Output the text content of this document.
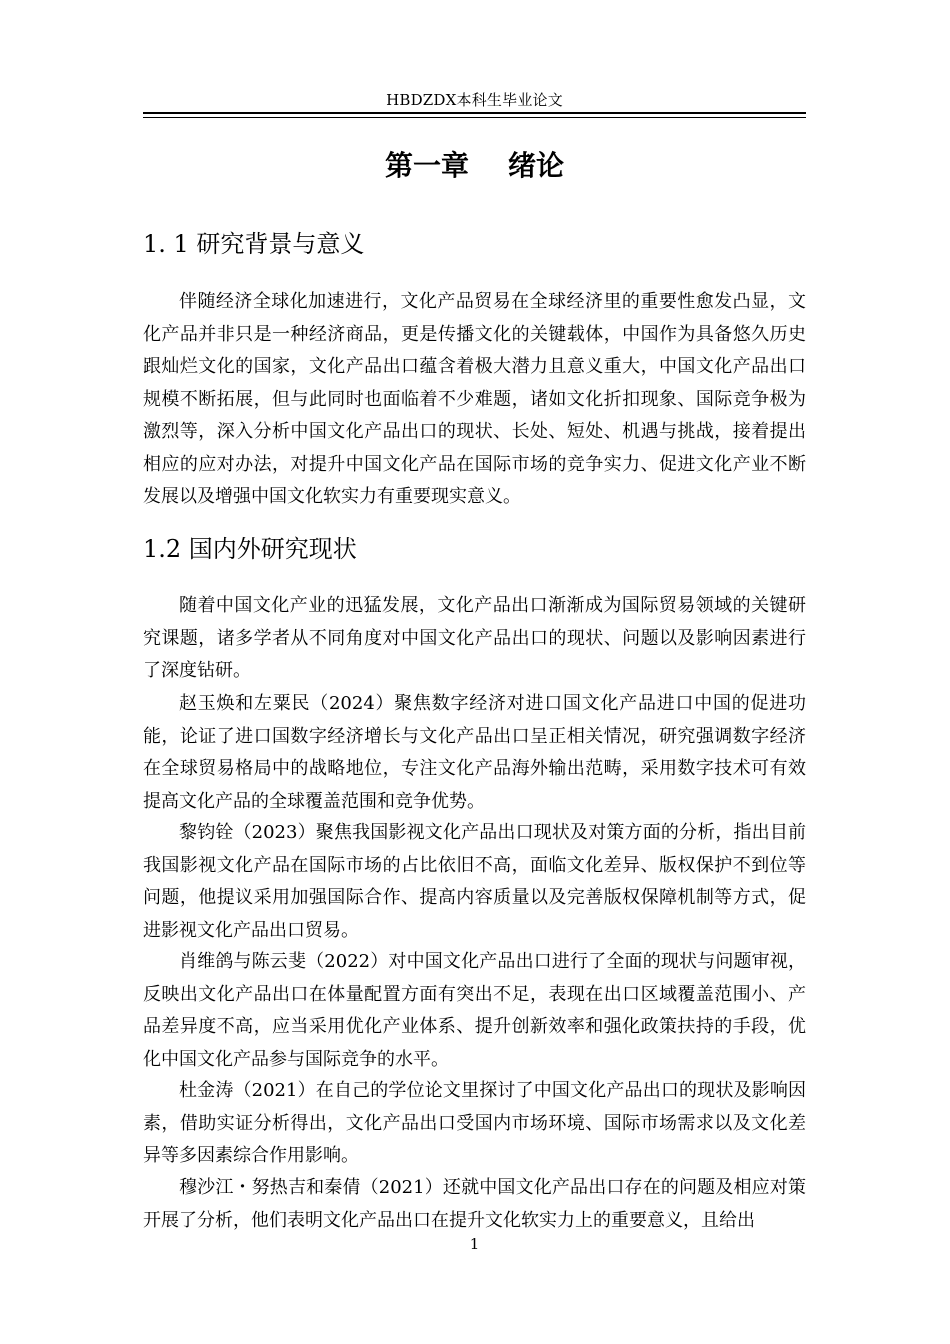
HBDZDX本科生毕业论文
第一章    绪论
1. 1 研究背景与意义

伴随经济全球化加速进行，文化产品贸易在全球经济里的重要性愈发凸显，文化产品并非只是一种经济商品，更是传播文化的关键载体，中国作为具备悠久历史跟灿烂文化的国家，文化产品出口蕴含着极大潜力且意义重大，中国文化产品出口规模不断拓展，但与此同时也面临着不少难题，诸如文化折扣现象、国际竞争极为激烈等，深入分析中国文化产品出口的现状、长处、短处、机遇与挑战，接着提出相应的应对办法，对提升中国文化产品在国际市场的竞争实力、促进文化产业不断发展以及增强中国文化软实力有重要现实意义。

1.2 国内外研究现状

随着中国文化产业的迅猛发展，文化产品出口渐渐成为国际贸易领域的关键研究课题，诸多学者从不同角度对中国文化产品出口的现状、问题以及影响因素进行了深度钻研。

赵玉焕和左粟民（2024）聚焦数字经济对进口国文化产品进口中国的促进功能，论证了进口国数字经济增长与文化产品出口呈正相关情况，研究强调数字经济在全球贸易格局中的战略地位，专注文化产品海外输出范畴，采用数字技术可有效提高文化产品的全球覆盖范围和竞争优势。

黎钧铨（2023）聚焦我国影视文化产品出口现状及对策方面的分析，指出目前我国影视文化产品在国际市场的占比依旧不高，面临文化差异、版权保护不到位等问题，他提议采用加强国际合作、提高内容质量以及完善版权保障机制等方式，促进影视文化产品出口贸易。

肖维鸽与陈云斐（2022）对中国文化产品出口进行了全面的现状与问题审视，反映出文化产品出口在体量配置方面有突出不足，表现在出口区域覆盖范围小、产品差异度不高，应当采用优化产业体系、提升创新效率和强化政策扶持的手段，优化中国文化产品参与国际竞争的水平。

杜金涛（2021）在自己的学位论文里探讨了中国文化产品出口的现状及影响因素，借助实证分析得出，文化产品出口受国内市场环境、国际市场需求以及文化差异等多因素综合作用影响。

穆沙江・努热吉和秦倩（2021）还就中国文化产品出口存在的问题及相应对策开展了分析，他们表明文化产品出口在提升文化软实力上的重要意义，且给出

1
